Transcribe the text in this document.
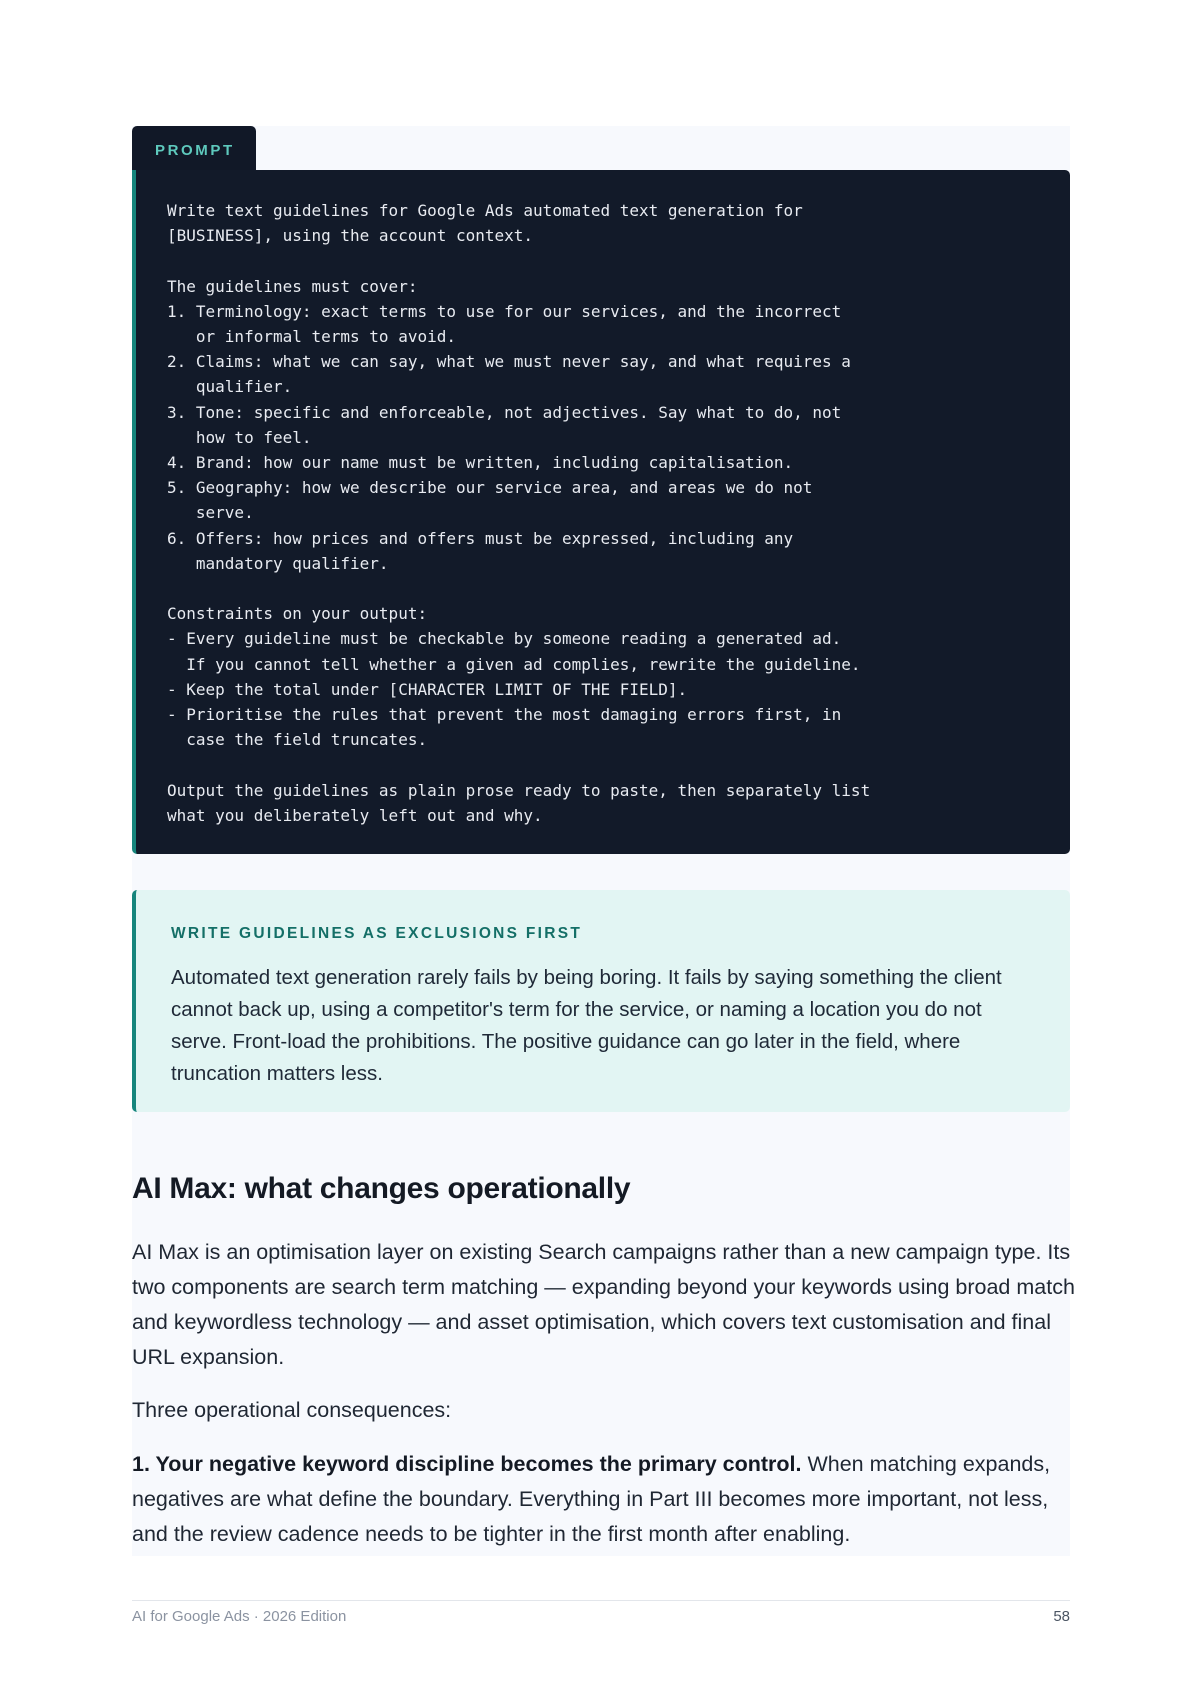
PROMPT
Write text guidelines for Google Ads automated text generation for
[BUSINESS], using the account context.

The guidelines must cover:
1. Terminology: exact terms to use for our services, and the incorrect
or informal terms to avoid.
2. Claims: what we can say, what we must never say, and what requires a
qualifier.
3. Tone: specific and enforceable, not adjectives. Say what to do, not
how to feel.
4. Brand: how our name must be written, including capitalisation.
5. Geography: how we describe our service area, and areas we do not
serve.
6. Offers: how prices and offers must be expressed, including any
mandatory qualifier.

Constraints on your output:
- Every guideline must be checkable by someone reading a generated ad.
If you cannot tell whether a given ad complies, rewrite the guideline.
- Keep the total under [CHARACTER LIMIT OF THE FIELD].
- Prioritise the rules that prevent the most damaging errors first, in
case the field truncates.

Output the guidelines as plain prose ready to paste, then separately list
what you deliberately left out and why.
WRITE GUIDELINES AS EXCLUSIONS FIRST

Automated text generation rarely fails by being boring. It fails by saying something the client cannot back up, using a competitor's term for the service, or naming a location you do not serve. Front-load the prohibitions. The positive guidance can go later in the field, where truncation matters less.

AI Max: what changes operationally

AI Max is an optimisation layer on existing Search campaigns rather than a new campaign type. Its two components are search term matching — expanding beyond your keywords using broad match and keywordless technology — and asset optimisation, which covers text customisation and final URL expansion.

Three operational consequences:

1. Your negative keyword discipline becomes the primary control. When matching expands, negatives are what define the boundary. Everything in Part III becomes more important, not less, and the review cadence needs to be tighter in the first month after enabling.

AI for Google Ads · 2026 Edition	58
